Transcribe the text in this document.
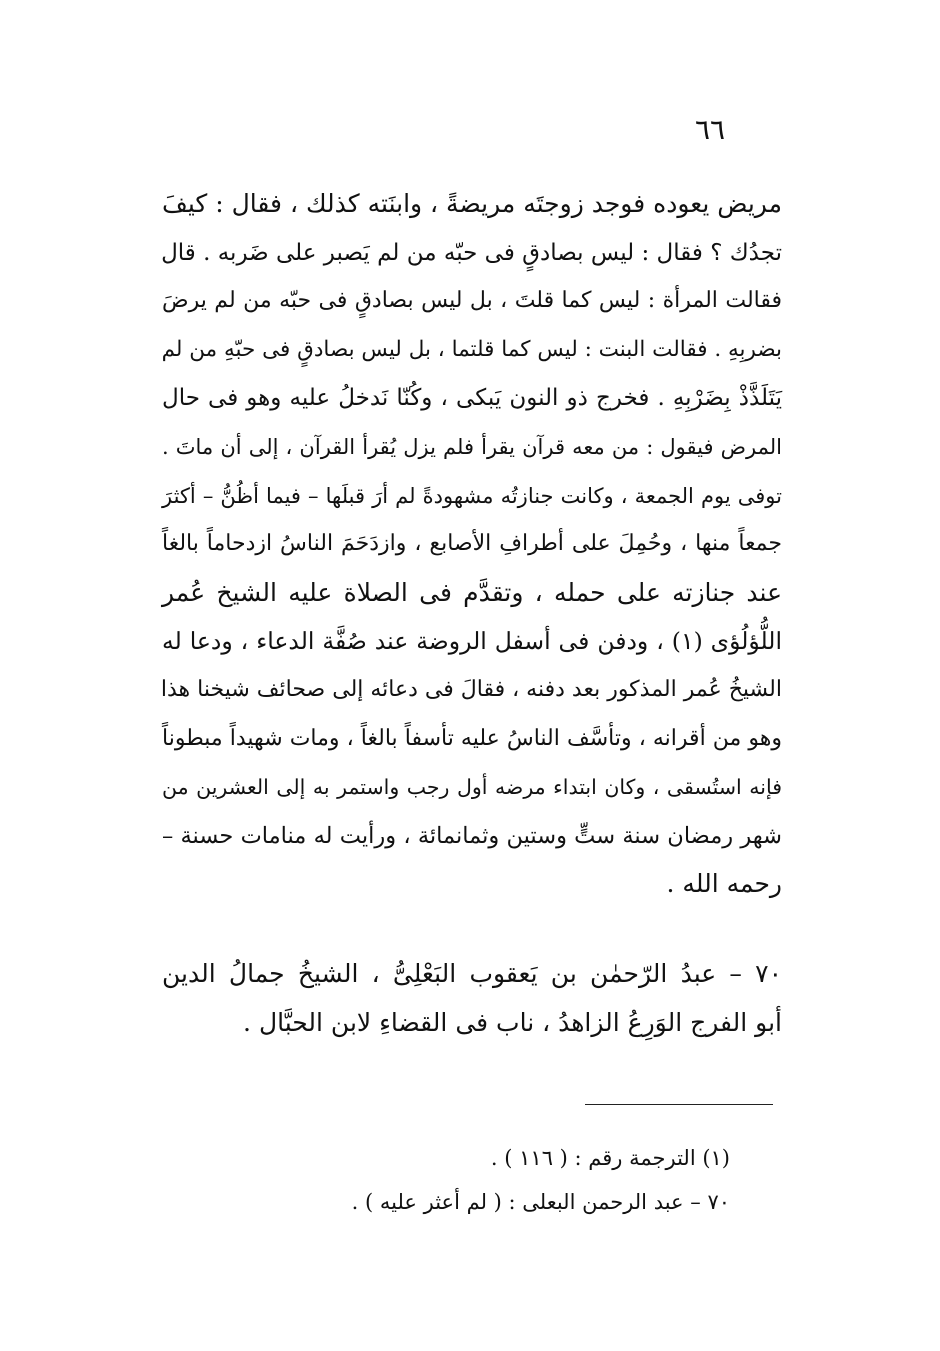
٦٦
مريض يعوده فوجد زوجتَه مريضةً ، وابنَته كذلك ، فقال : كيفَ
تجدُك ؟ فقال : ليس بصادقٍ فى حبّه من لم يَصبر على ضَربه . قال
فقالت المرأة : ليس كما قلتَ ، بل ليس بصادقٍ فى حبّه من لم يرضَ
بضربِهِ . فقالت البنت : ليس كما قلتما ، بل ليس بصادقٍ فى حبّهِ من لم
يَتَلَذَّذْ بِضَرْبِهِ . فخرج ذو النون يَبكى ، وكُنّا نَدخلُ عليه وهو فى حال
المرض فيقول : من معه قرآن يقرأ فلم يزل يُقرأ القرآن ، إلى أن ماتَ .
توفى يوم الجمعة ، وكانت جنازتُه مشهودةً لم أرَ قبلَها – فيما أظُنُّ – أكثرَ
جمعاً منها ، وحُمِلَ على أطرافِ الأصابع ، وازدَحَمَ الناسُ ازدحاماً بالغاً
عند جنازته على حمله ، وتقدَّم فى الصلاة عليه الشيخ عُمر
اللُّؤلُؤى (١) ، ودفن فى أسفل الروضة عند صُفَّة الدعاء ، ودعا له
الشيخُ عُمر المذكور بعد دفنه ، فقالَ فى دعائه إلى صحائف شيخنا هذا
وهو من أقرانه ، وتأسَّف الناسُ عليه تأسفاً بالغاً ، ومات شهيداً مبطوناً
فإنه استُسقى ، وكان ابتداء مرضه أول رجب واستمر به إلى العشرين من
شهر رمضان سنة ستٍّ وستين وثمانمائة ، ورأيت له منامات حسنة –
رحمه الله .
٧٠ – عبدُ الرّحمٰن بن يَعقوب البَعْلِىُّ ، الشيخُ جمالُ الدين
أبو الفرج الوَرِعُ الزاهدُ ، ناب فى القضاءِ لابن الحبَّال .
(١) الترجمة رقم : ( ١١٦ ) .
٧٠ – عبد الرحمن البعلى : ( لم أعثر عليه ) .
